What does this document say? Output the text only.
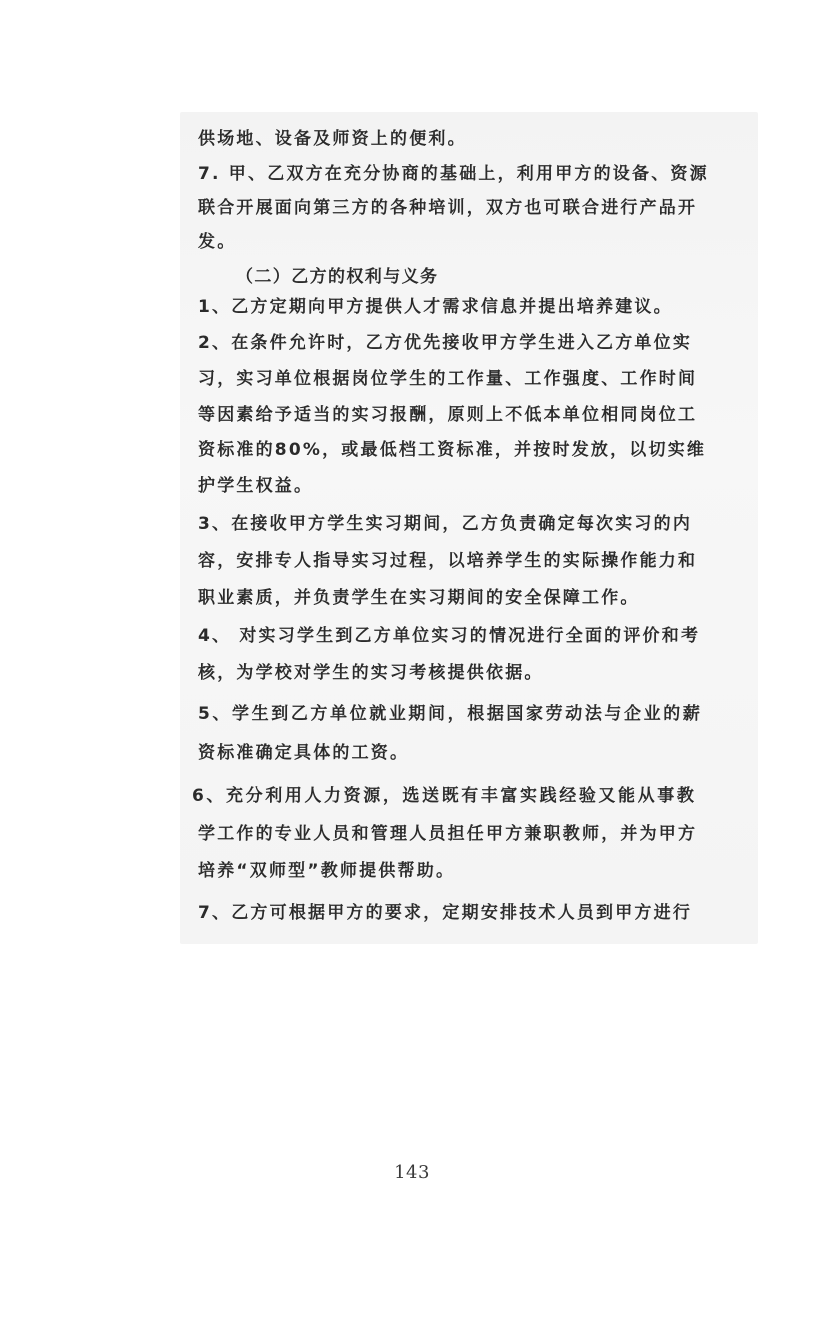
供场地、设备及师资上的便利。
7. 甲、乙双方在充分协商的基础上，利用甲方的设备、资源
联合开展面向第三方的各种培训，双方也可联合进行产品开
发。
（二）乙方的权利与义务
1、乙方定期向甲方提供人才需求信息并提出培养建议。
2、在条件允许时，乙方优先接收甲方学生进入乙方单位实
习，实习单位根据岗位学生的工作量、工作强度、工作时间
等因素给予适当的实习报酬，原则上不低本单位相同岗位工
资标准的80%，或最低档工资标准，并按时发放，以切实维
护学生权益。
3、在接收甲方学生实习期间，乙方负责确定每次实习的内
容，安排专人指导实习过程，以培养学生的实际操作能力和
职业素质，并负责学生在实习期间的安全保障工作。
4、 对实习学生到乙方单位实习的情况进行全面的评价和考
核，为学校对学生的实习考核提供依据。
5、学生到乙方单位就业期间，根据国家劳动法与企业的薪
资标准确定具体的工资。
6、充分利用人力资源，选送既有丰富实践经验又能从事教
学工作的专业人员和管理人员担任甲方兼职教师，并为甲方
培养“双师型”教师提供帮助。
7、乙方可根据甲方的要求，定期安排技术人员到甲方进行
143
